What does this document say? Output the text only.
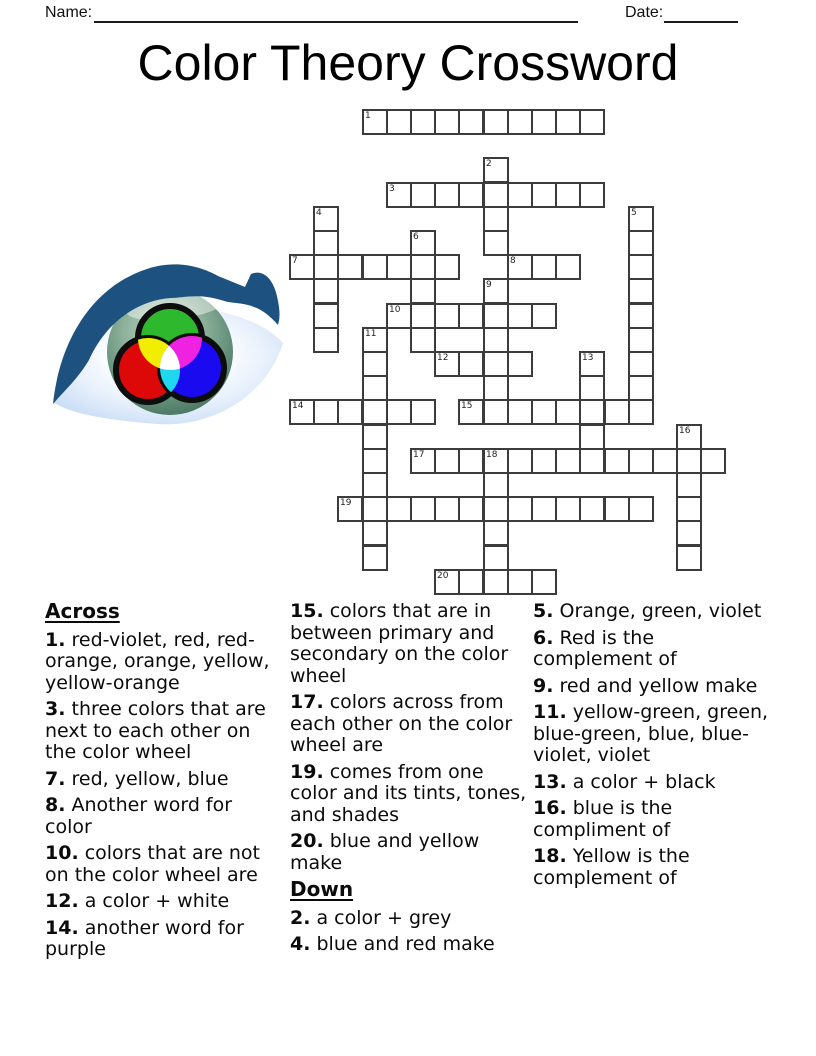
Name:	Date:
Color Theory Crossword
1
2
3
4	5
6
7	8
9
10
11
12	13
14	15
16
17	18
19
20
Across

1. red-violet, red, red-orange, orange, yellow, yellow-orange

3. three colors that are next to each other on the color wheel

7. red, yellow, blue

8. Another word for color

10. colors that are not on the color wheel are

12. a color + white

14. another word for purple

15. colors that are in between primary and secondary on the color wheel

17. colors across from each other on the color wheel are

19. comes from one color and its tints, tones, and shades

20. blue and yellow make

Down

2. a color + grey

4. blue and red make

5. Orange, green, violet

6. Red is the complement of

9. red and yellow make

11. yellow-green, green, blue-green, blue, blue-violet, violet

13. a color + black

16. blue is the compliment of

18. Yellow is the complement of
